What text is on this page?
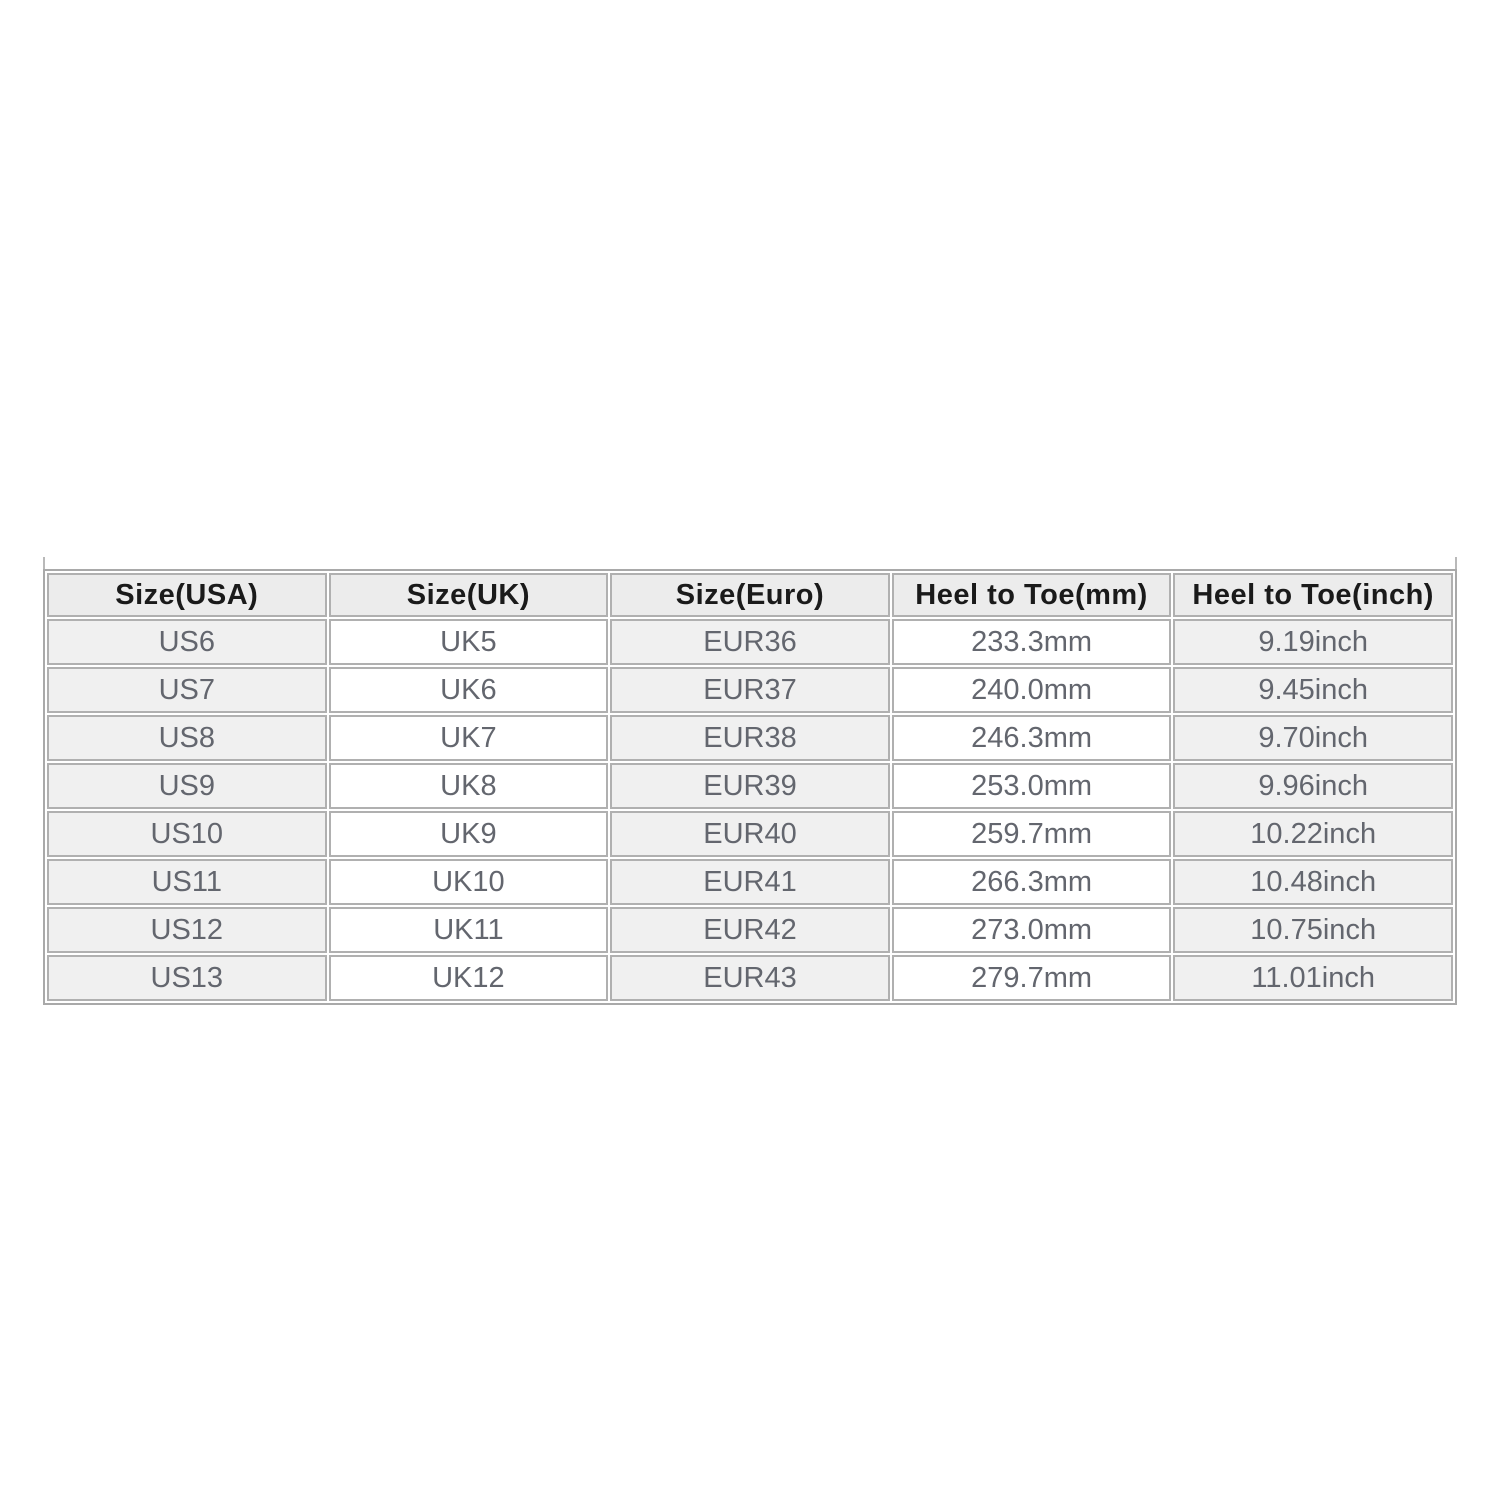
Size(USA)	Size(UK)	Size(Euro)	Heel to Toe(mm)	Heel to Toe(inch)
US6	UK5	EUR36	233.3mm	9.19inch
US7	UK6	EUR37	240.0mm	9.45inch
US8	UK7	EUR38	246.3mm	9.70inch
US9	UK8	EUR39	253.0mm	9.96inch
US10	UK9	EUR40	259.7mm	10.22inch
US11	UK10	EUR41	266.3mm	10.48inch
US12	UK11	EUR42	273.0mm	10.75inch
US13	UK12	EUR43	279.7mm	11.01inch
